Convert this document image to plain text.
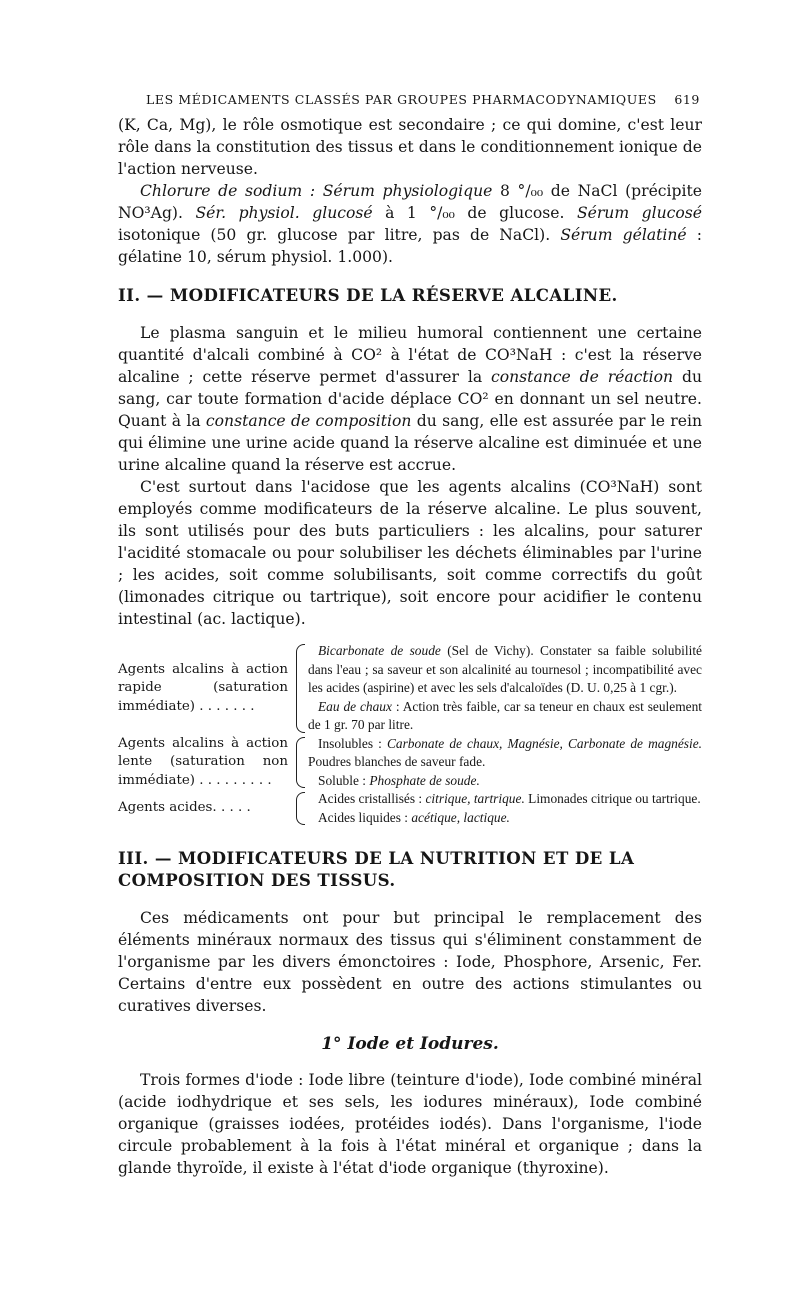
LES MÉDICAMENTS CLASSÉS PAR GROUPES PHARMACODYNAMIQUES 619

(K, Ca, Mg), le rôle osmotique est secondaire ; ce qui domine, c'est leur rôle dans la constitution des tissus et dans le conditionnement ionique de l'action nerveuse.

Chlorure de sodium : Sérum physiologique 8 °/₀₀ de NaCl (précipite NO³Ag). Sér. physiol. glucosé à 1 °/₀₀ de glucose. Sérum glucosé isotonique (50 gr. glucose par litre, pas de NaCl). Sérum gélatiné : gélatine 10, sérum physiol. 1.000).

II. — MODIFICATEURS DE LA RÉSERVE ALCALINE.

Le plasma sanguin et le milieu humoral contiennent une certaine quantité d'alcali combiné à CO² à l'état de CO³NaH : c'est la réserve alcaline ; cette réserve permet d'assurer la constance de réaction du sang, car toute formation d'acide déplace CO² en donnant un sel neutre. Quant à la constance de composition du sang, elle est assurée par le rein qui élimine une urine acide quand la réserve alcaline est diminuée et une urine alcaline quand la réserve est accrue.

C'est surtout dans l'acidose que les agents alcalins (CO³NaH) sont employés comme modificateurs de la réserve alcaline. Le plus souvent, ils sont utilisés pour des buts particuliers : les alcalins, pour saturer l'acidité stomacale ou pour solubiliser les déchets éliminables par l'urine ; les acides, soit comme solubilisants, soit comme correctifs du goût (limonades citrique ou tartrique), soit encore pour acidifier le contenu intestinal (ac. lactique).

Agents alcalins à action rapide (saturation immédiate) . . . . . . .		Bicarbonate de soude (Sel de Vichy). Constater sa faible solubilité dans l'eau ; sa saveur et son alcalinité au tournesol ; incompatibilité avec les acides (aspirine) et avec les sels d'alcaloïdes (D. U. 0,25 à 1 cgr.).
Eau de chaux : Action très faible, car sa teneur en chaux est seulement de 1 gr. 70 par litre.

Agents alcalins à action lente (saturation non immédiate) . . . . . . . . .		Insolubles : Carbonate de chaux, Magnésie, Carbonate de magnésie. Poudres blanches de saveur fade.
Soluble : Phosphate de soude.

Agents acides. . . . .		Acides cristallisés : citrique, tartrique. Limonades citrique ou tartrique.
Acides liquides : acétique, lactique.
III. — MODIFICATEURS DE LA NUTRITION ET DE LA COMPOSITION DES TISSUS.

Ces médicaments ont pour but principal le remplacement des éléments minéraux normaux des tissus qui s'éliminent constamment de l'organisme par les divers émonctoires : Iode, Phosphore, Arsenic, Fer. Certains d'entre eux possèdent en outre des actions stimulantes ou curatives diverses.

1° Iode et Iodures.

Trois formes d'iode : Iode libre (teinture d'iode), Iode combiné minéral (acide iodhydrique et ses sels, les iodures minéraux), Iode combiné organique (graisses iodées, protéides iodés). Dans l'organisme, l'iode circule probablement à la fois à l'état minéral et organique ; dans la glande thyroïde, il existe à l'état d'iode organique (thyroxine).
